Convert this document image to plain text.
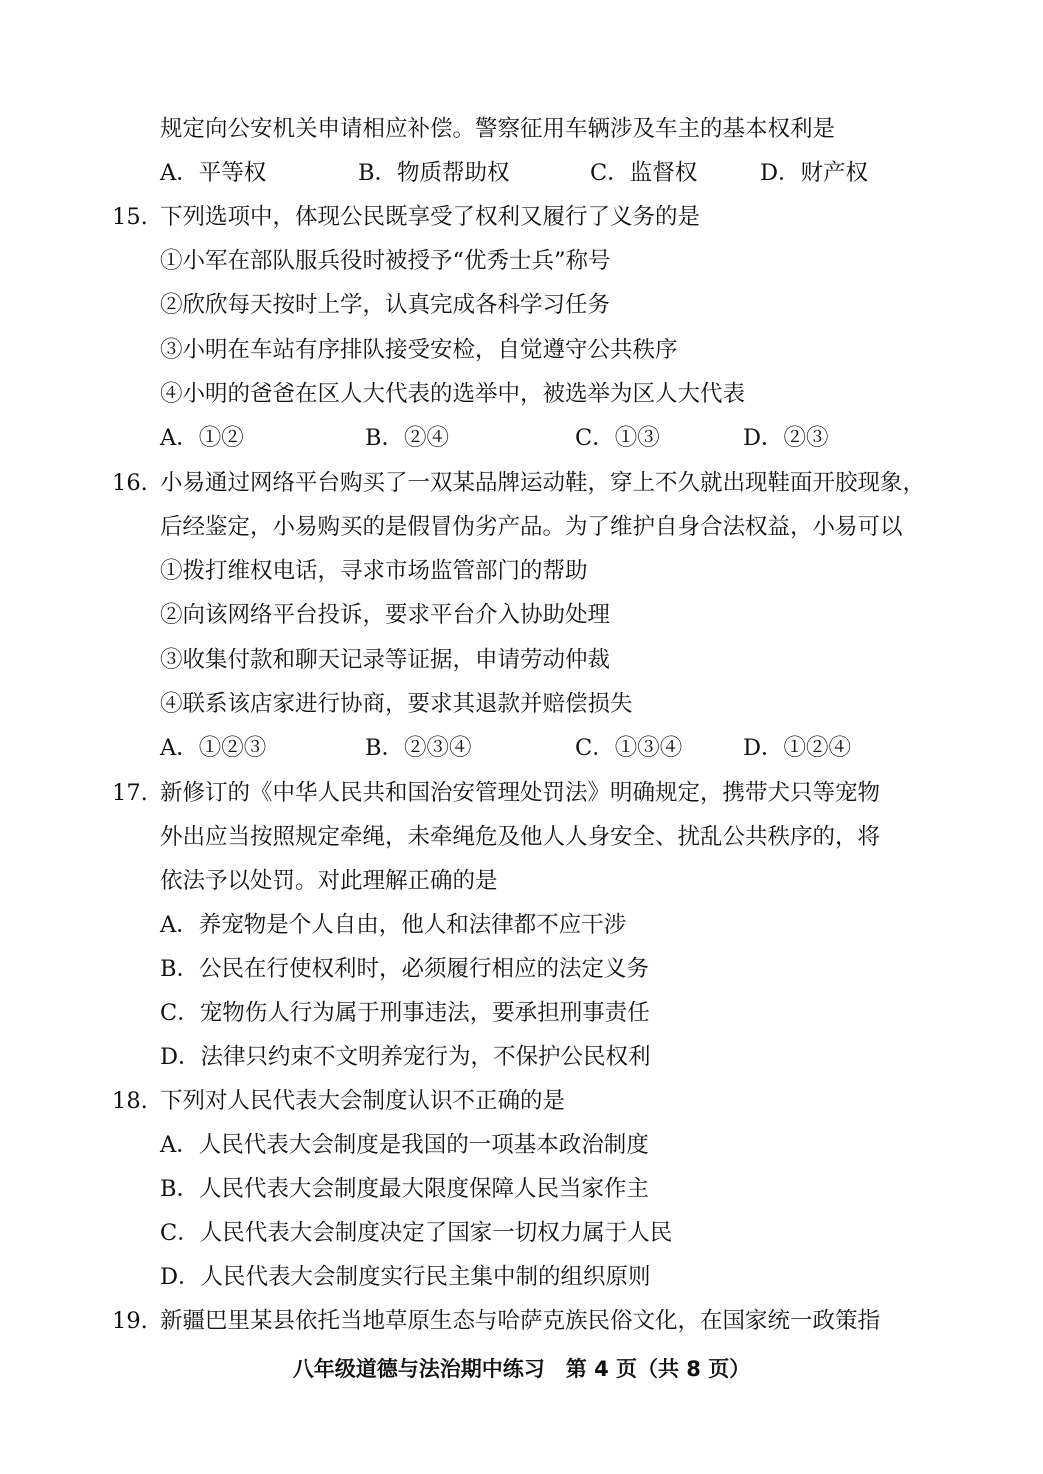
规定向公安机关申请相应补偿。警察征用车辆涉及车主的基本权利是
A．平等权	B．物质帮助权	C．监督权	D．财产权
15. 下列选项中，体现公民既享受了权利又履行了义务的是
①小军在部队服兵役时被授予“优秀士兵”称号
②欣欣每天按时上学，认真完成各科学习任务
③小明在车站有序排队接受安检，自觉遵守公共秩序
④小明的爸爸在区人大代表的选举中，被选举为区人大代表
A．①②	B．②④	C．①③	D．②③
16. 小易通过网络平台购买了一双某品牌运动鞋，穿上不久就出现鞋面开胶现象，
后经鉴定，小易购买的是假冒伪劣产品。为了维护自身合法权益，小易可以
①拨打维权电话，寻求市场监管部门的帮助
②向该网络平台投诉，要求平台介入协助处理
③收集付款和聊天记录等证据，申请劳动仲裁
④联系该店家进行协商，要求其退款并赔偿损失
A．①②③	B．②③④	C．①③④	D．①②④
17. 新修订的《中华人民共和国治安管理处罚法》明确规定，携带犬只等宠物
外出应当按照规定牵绳，未牵绳危及他人人身安全、扰乱公共秩序的，将
依法予以处罚。对此理解正确的是
A．养宠物是个人自由，他人和法律都不应干涉
B．公民在行使权利时，必须履行相应的法定义务
C．宠物伤人行为属于刑事违法，要承担刑事责任
D．法律只约束不文明养宠行为，不保护公民权利
18. 下列对人民代表大会制度认识不正确的是
A．人民代表大会制度是我国的一项基本政治制度
B．人民代表大会制度最大限度保障人民当家作主
C．人民代表大会制度决定了国家一切权力属于人民
D．人民代表大会制度实行民主集中制的组织原则
19. 新疆巴里某县依托当地草原生态与哈萨克族民俗文化，在国家统一政策指
八年级道德与法治期中练习　第 4 页（共 8 页）
